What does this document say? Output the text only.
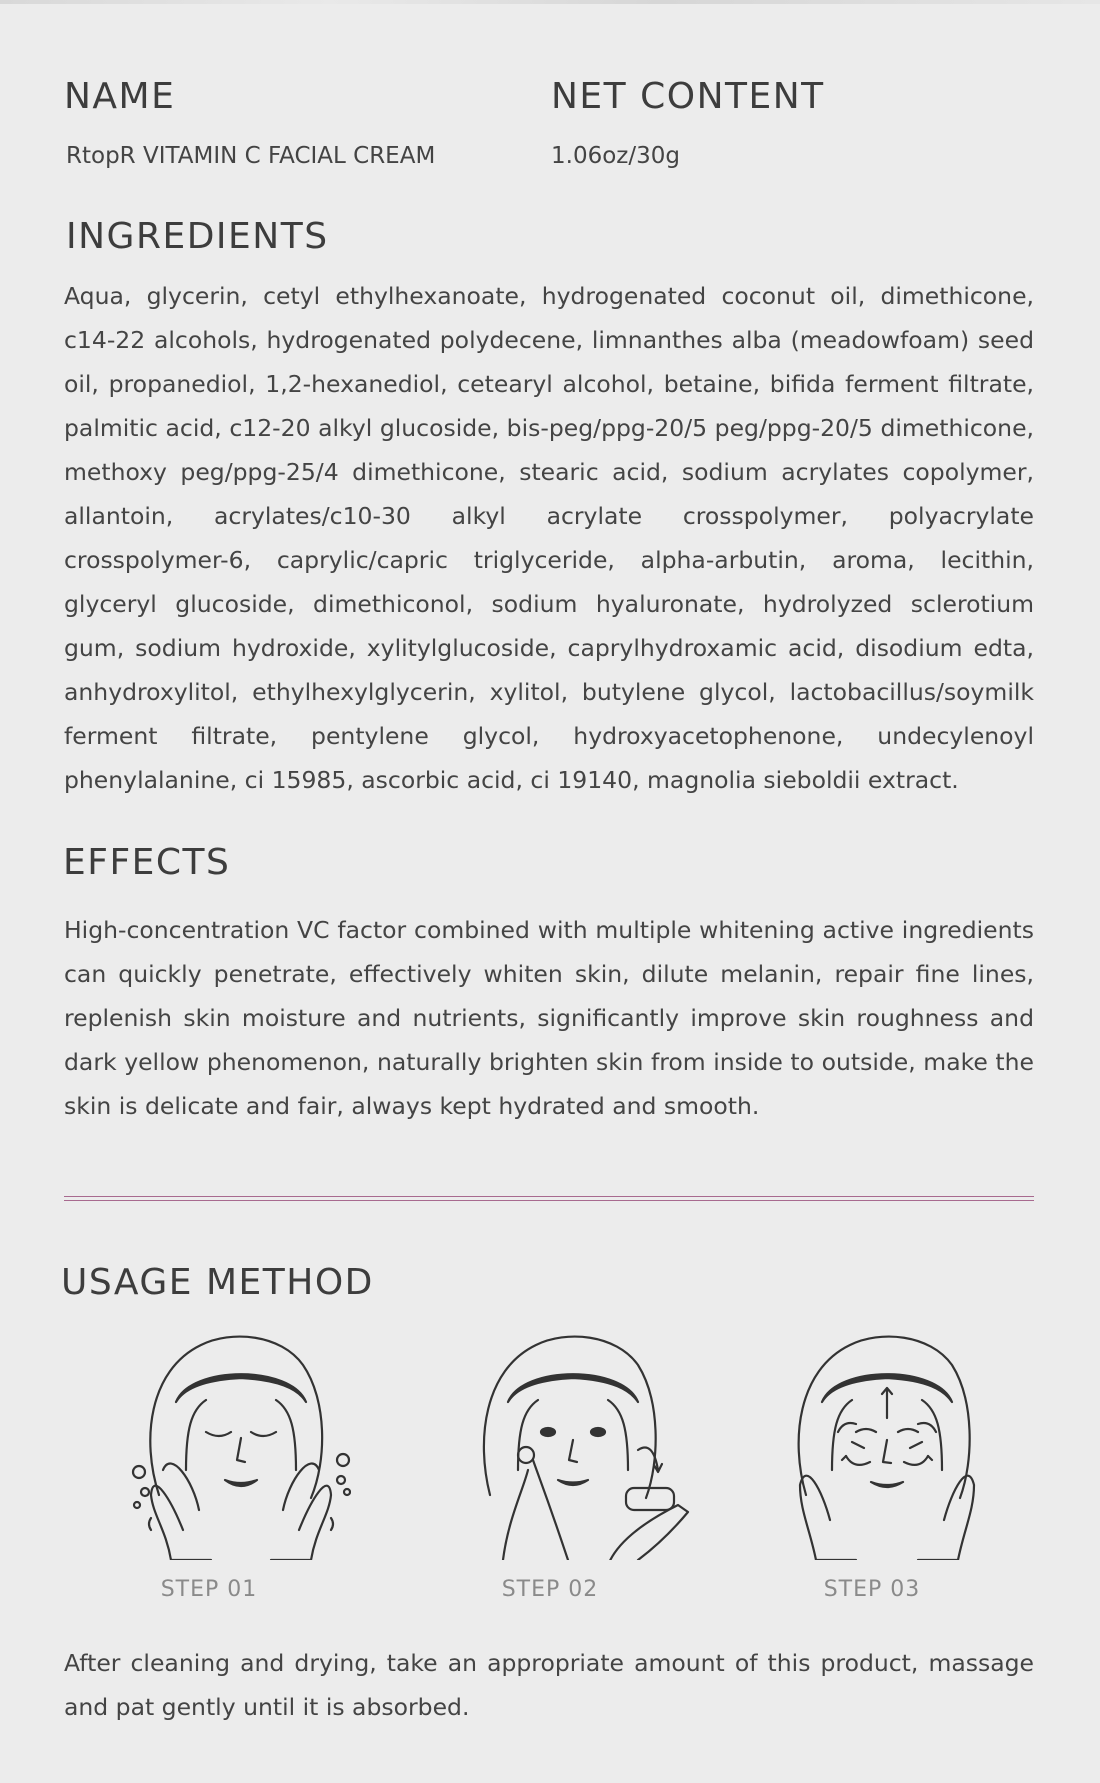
NAME

RtopR VITAMIN C FACIAL CREAM

NET CONTENT

1.06oz/30g

INGREDIENTS

Aqua, glycerin, cetyl ethylhexanoate, hydrogenated coconut oil, dimethicone, c14-22 alcohols, hydrogenated polydecene, limnanthes alba (meadowfoam) seed oil, propanediol, 1,2-hexanediol, cetearyl alcohol, betaine, bifida ferment filtrate, palmitic acid, c12-20 alkyl glucoside, bis-peg/ppg-20/5 peg/ppg-20/5 dimethicone, methoxy peg/ppg-25/4 dimethicone, stearic acid, sodium acrylates copolymer, allantoin, acrylates/c10-30 alkyl acrylate crosspolymer, polyacrylate crosspolymer-6, caprylic/capric triglyceride, alpha-arbutin, aroma, lecithin, glyceryl glucoside, dimethiconol, sodium hyaluronate, hydrolyzed sclerotium gum, sodium hydroxide, xylitylglucoside, caprylhydroxamic acid, disodium edta, anhydroxylitol, ethylhexylglycerin, xylitol, butylene glycol, lactobacillus/soymilk ferment filtrate, pentylene glycol, hydroxyacetophenone, undecylenoyl phenylalanine, ci 15985, ascorbic acid, ci 19140, magnolia sieboldii extract.

EFFECTS

High-concentration VC factor combined with multiple whitening active ingredients can quickly penetrate, effectively whiten skin, dilute melanin, repair fine lines, replenish skin moisture and nutrients, significantly improve skin roughness and dark yellow phenomenon, naturally brighten skin from inside to outside, make the skin is delicate and fair, always kept hydrated and smooth.

USAGE METHOD

STEP 01	STEP 02	STEP 03

After cleaning and drying, take an appropriate amount of this product, massage and pat gently until it is absorbed.
